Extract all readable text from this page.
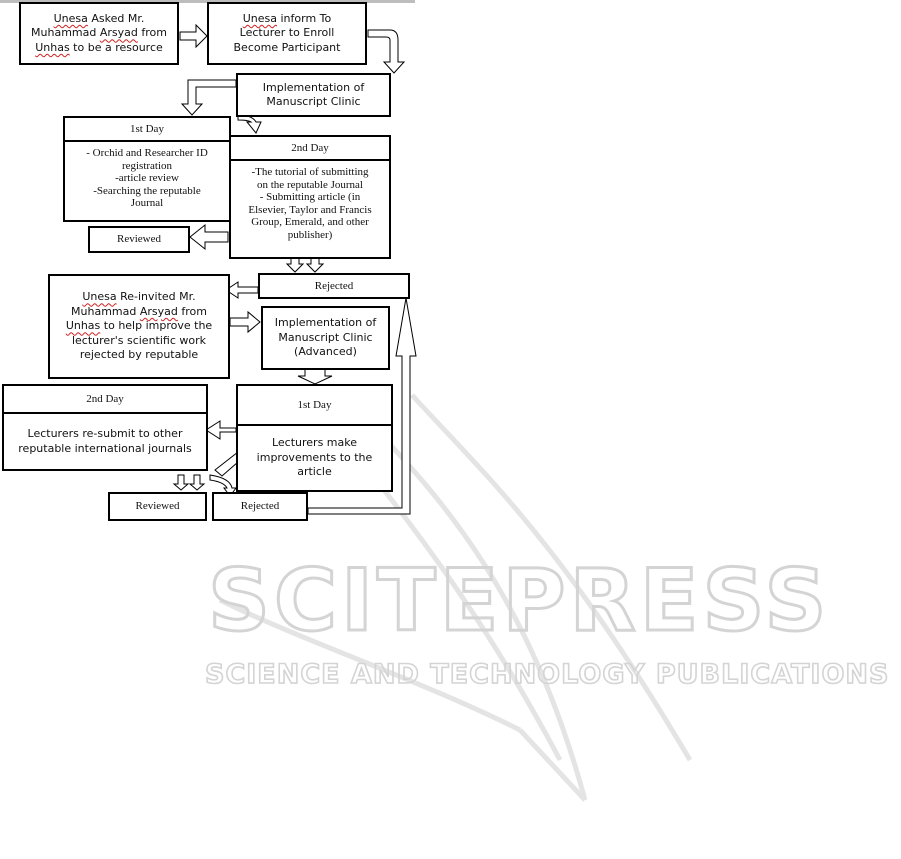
SCITEPRESS
SCIENCE AND TECHNOLOGY PUBLICATIONS
Unesa Asked Mr.
Muhammad Arsyad from
Unhas to be a resource
Unesa inform To
Lecturer to Enroll
Become Participant
Implementation of
Manuscript Clinic
1st Day
- Orchid and Researcher ID
registration
-article review
-Searching the reputable
Journal
2nd Day
-The tutorial of submitting
on the reputable Journal
- Submitting article (in
Elsevier, Taylor and Francis
Group, Emerald, and other
publisher)
Reviewed
Rejected
Unesa Re-invited Mr.
Muhammad Arsyad from
Unhas to help improve the
lecturer's scientific work
rejected by reputable
Implementation of
Manuscript Clinic
(Advanced)
2nd Day
Lecturers re-submit to other
reputable international journals
1st Day
Lecturers make
improvements to the
article
Reviewed	Rejected
